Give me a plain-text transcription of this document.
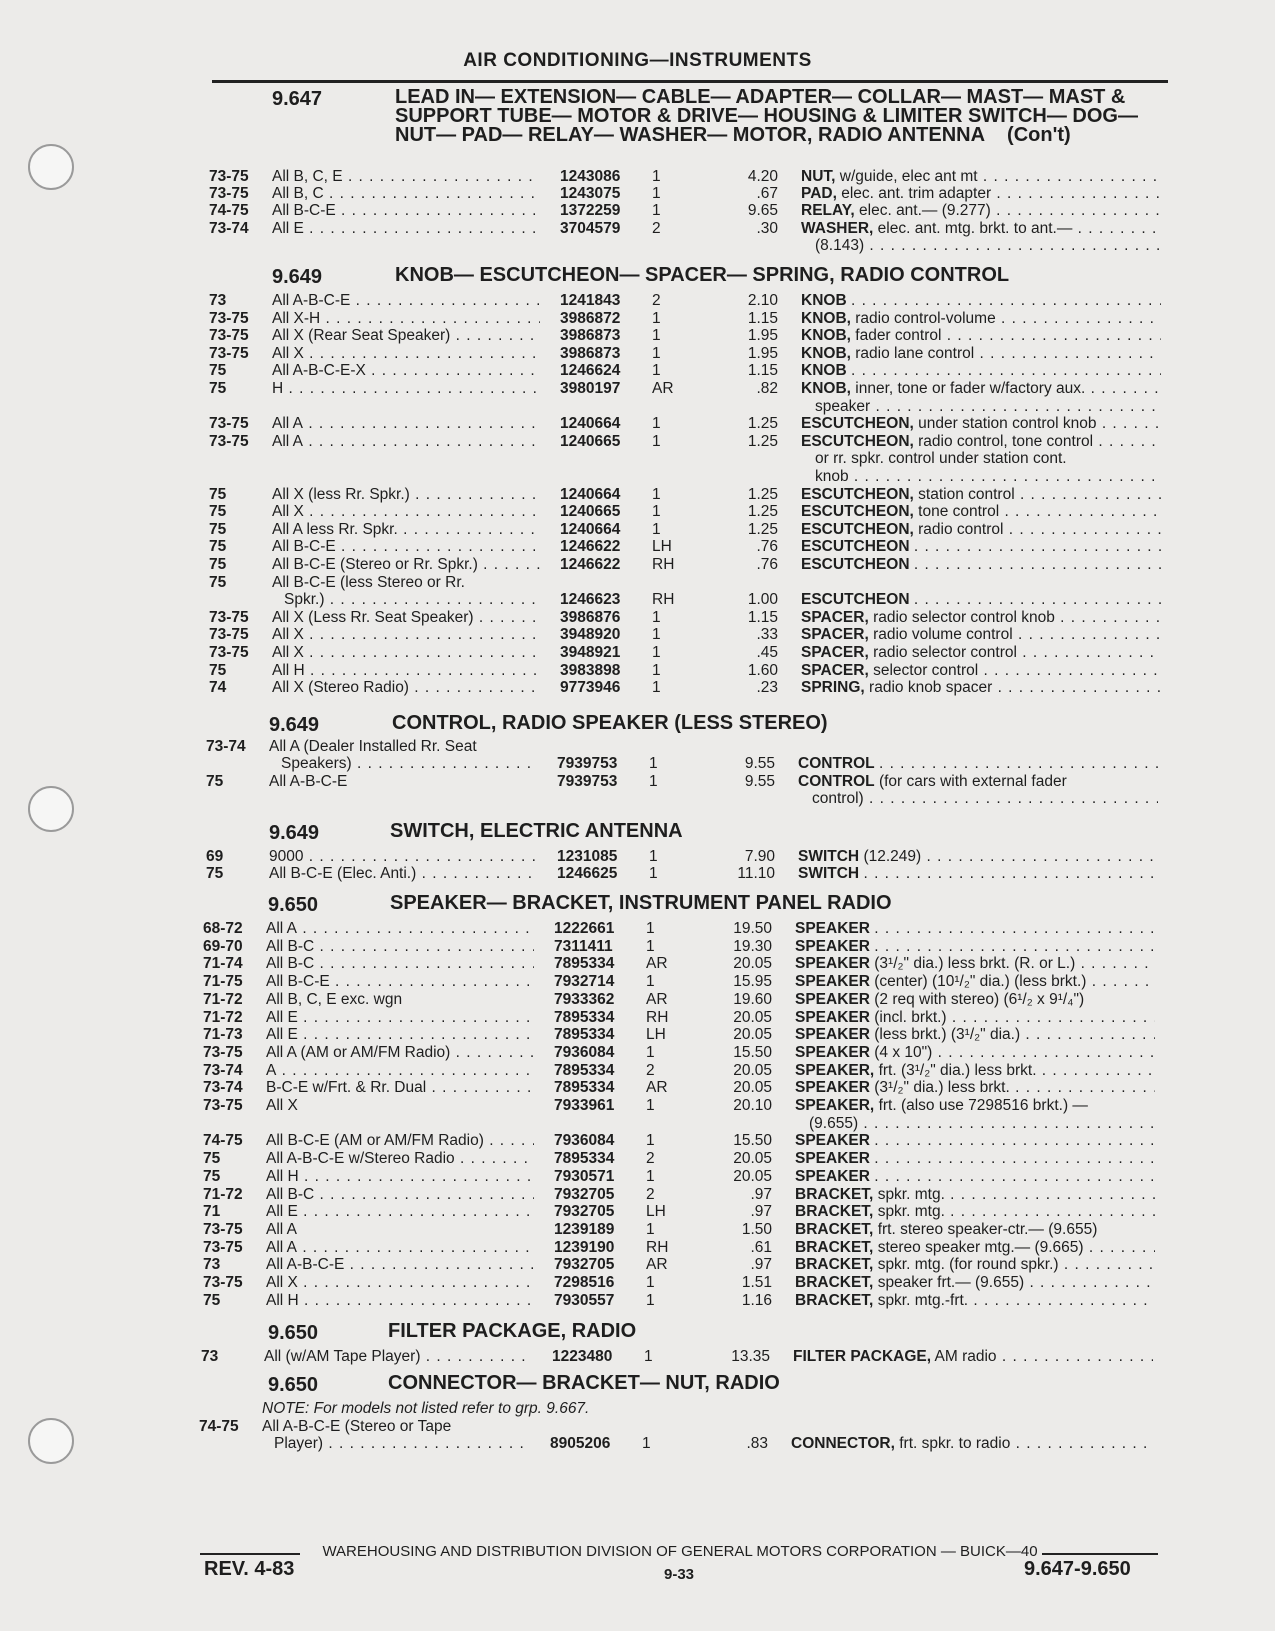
AIR CONDITIONING—INSTRUMENTS
9.647	LEAD IN— EXTENSION— CABLE— ADAPTER— COLLAR— MAST— MAST & SUPPORT TUBE— MOTOR & DRIVE— HOUSING & LIMITER SWITCH— DOG— NUT— PAD— RELAY— WASHER— MOTOR, RADIO ANTENNA (Con't)
73-75 All B, C, E . . .	1243086 1	4.20 NUT, w/guide, elec ant mt . . .
73-75 All B, C . . .	1243075 1	.67 PAD, elec. ant. trim adapter . . .
74-75 All B-C-E . . .	1372259 1	9.65 RELAY, elec. ant.— (9.277) . . .
73-74 All E . . .	3704579 2	.30 WASHER, elec. ant. mtg. brkt. to ant.— . . .
(8.143) . . .
9.649	KNOB— ESCUTCHEON— SPACER— SPRING, RADIO CONTROL
73	All A-B-C-E . . .	1241843 2	2.10 KNOB . . .
73-75 All X-H . . .	3986872 1	1.15 KNOB, radio control-volume . . .
73-75 All X (Rear Seat Speaker) . . .	3986873 1	1.95 KNOB, fader control . . .
73-75 All X . . .	3986873 1	1.95 KNOB, radio lane control . . .
75	All A-B-C-E-X . . .	1246624 1	1.15 KNOB . . .
75	H . . .	3980197 AR	.82 KNOB, inner, tone or fader w/factory aux. . . .
speaker . . .
73-75 All A . . .	1240664 1	1.25 ESCUTCHEON, under station control knob . . .
73-75 All A . . .	1240665 1	1.25 ESCUTCHEON, radio control, tone control . . .
or rr. spkr. control under station cont.
knob . . .
75	All X (less Rr. Spkr.) . . .	1240664 1	1.25 ESCUTCHEON, station control . . .
75	All X . . .	1240665 1	1.25 ESCUTCHEON, tone control . . .
75	All A less Rr. Spkr. . . .	1240664 1	1.25 ESCUTCHEON, radio control . . .
75	All B-C-E . . .	1246622 LH	.76 ESCUTCHEON . . .
75	All B-C-E (Stereo or Rr. Spkr.) . . .	1246622 RH	.76 ESCUTCHEON . . .
75	All B-C-E (less Stereo or Rr.
Spkr.) . . .	1246623 RH	1.00 ESCUTCHEON . . .
73-75 All X (Less Rr. Seat Speaker) . . .	3986876 1	1.15 SPACER, radio selector control knob . . .
73-75 All X . . .	3948920 1	.33 SPACER, radio volume control . . .
73-75 All X . . .	3948921 1	.45 SPACER, radio selector control . . .
75	All H . . .	3983898 1	1.60 SPACER, selector control . . .
74	All X (Stereo Radio) . . .	9773946 1	.23 SPRING, radio knob spacer . . .
9.649	CONTROL, RADIO SPEAKER (LESS STEREO)
73-74 All A (Dealer Installed Rr. Seat
Speakers) . . .	7939753 1	9.55 CONTROL . . .
75	All A-B-C-E	7939753 1	9.55 CONTROL (for cars with external fader
control) . . .
9.649	SWITCH, ELECTRIC ANTENNA
69	9000 . . .	1231085 1	7.90 SWITCH (12.249) . . .
75	All B-C-E (Elec. Anti.) . . .	1246625 1	11.10 SWITCH . . .
9.650	SPEAKER— BRACKET, INSTRUMENT PANEL RADIO
68-72 All A . . .	1222661 1	19.50 SPEAKER . . .
69-70 All B-C . . .	7311411 1	19.30 SPEAKER . . .
71-74 All B-C . . .	7895334 AR	20.05 SPEAKER (3¹/₂" dia.) less brkt. (R. or L.) . . .
71-75 All B-C-E . . .	7932714 1	15.95 SPEAKER (center) (10¹/₂" dia.) (less brkt.) . . .
71-72 All B, C, E exc. wgn	7933362 AR	19.60 SPEAKER (2 req with stereo) (6¹/₂ x 9¹/₄")
71-72 All E . . .	7895334 RH	20.05 SPEAKER (incl. brkt.) . . .
71-73 All E . . .	7895334 LH	20.05 SPEAKER (less brkt.) (3¹/₂" dia.) . . .
73-75 All A (AM or AM/FM Radio) . . .	7936084 1	15.50 SPEAKER (4 x 10") . . .
73-74 A . . .	7895334 2	20.05 SPEAKER, frt. (3¹/₂" dia.) less brkt. . . .
73-74 B-C-E w/Frt. & Rr. Dual . . .	7895334 AR	20.05 SPEAKER (3¹/₂" dia.) less brkt. . . .
73-75 All X	7933961 1	20.10 SPEAKER, frt. (also use 7298516 brkt.) —
(9.655) . . .
74-75 All B-C-E (AM or AM/FM Radio) . . .	7936084 1	15.50 SPEAKER . . .
75	All A-B-C-E w/Stereo Radio . . .	7895334 2	20.05 SPEAKER . . .
75	All H . . .	7930571 1	20.05 SPEAKER . . .
71-72 All B-C . . .	7932705 2	.97 BRACKET, spkr. mtg. . . .
71	All E . . .	7932705 LH	.97 BRACKET, spkr. mtg. . . .
73-75 All A	1239189 1	1.50 BRACKET, frt. stereo speaker-ctr.— (9.655)
73-75 All A . . .	1239190 RH	.61 BRACKET, stereo speaker mtg.— (9.665) . . .
73	All A-B-C-E . . .	7932705 AR	.97 BRACKET, spkr. mtg. (for round spkr.) . . .
73-75 All X . . .	7298516 1	1.51 BRACKET, speaker frt.— (9.655) . . .
75	All H . . .	7930557 1	1.16 BRACKET, spkr. mtg.-frt. . . .
9.650	FILTER PACKAGE, RADIO
73	All (w/AM Tape Player) . . .	1223480 1	13.35 FILTER PACKAGE, AM radio . . .
9.650	CONNECTOR— BRACKET— NUT, RADIO
NOTE: For models not listed refer to grp. 9.667.
74-75 All A-B-C-E (Stereo or Tape
Player) . . .	8905206 1	.83 CONNECTOR, frt. spkr. to radio . . .
WAREHOUSING AND DISTRIBUTION DIVISION OF GENERAL MOTORS CORPORATION — BUICK—40
REV. 4-83	9-33	9.647-9.650
